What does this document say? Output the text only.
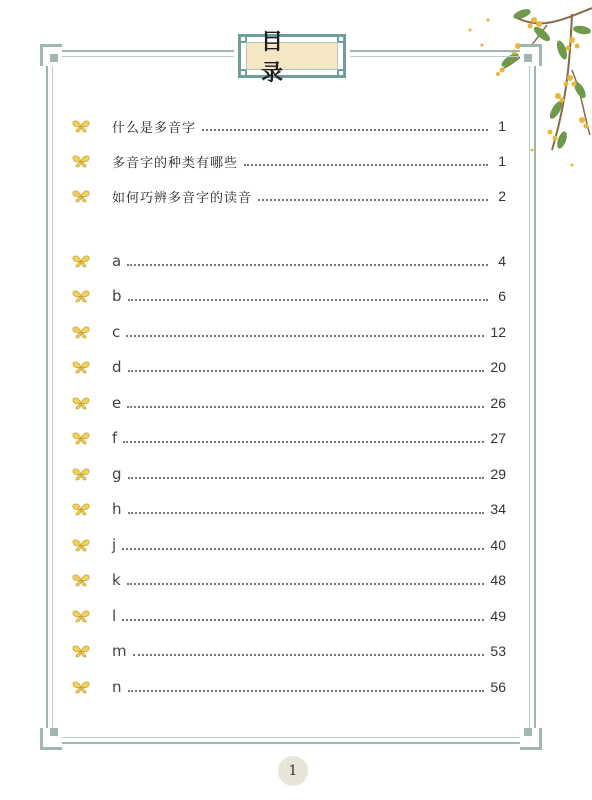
目 录
什么是多音字	1
多音字的种类有哪些	1
如何巧辨多音字的读音	2
a	4
b	6
c	12
d	20
e	26
f	27
g	29
h	34
j	40
k	48
l	49
m	53
n	56
1
